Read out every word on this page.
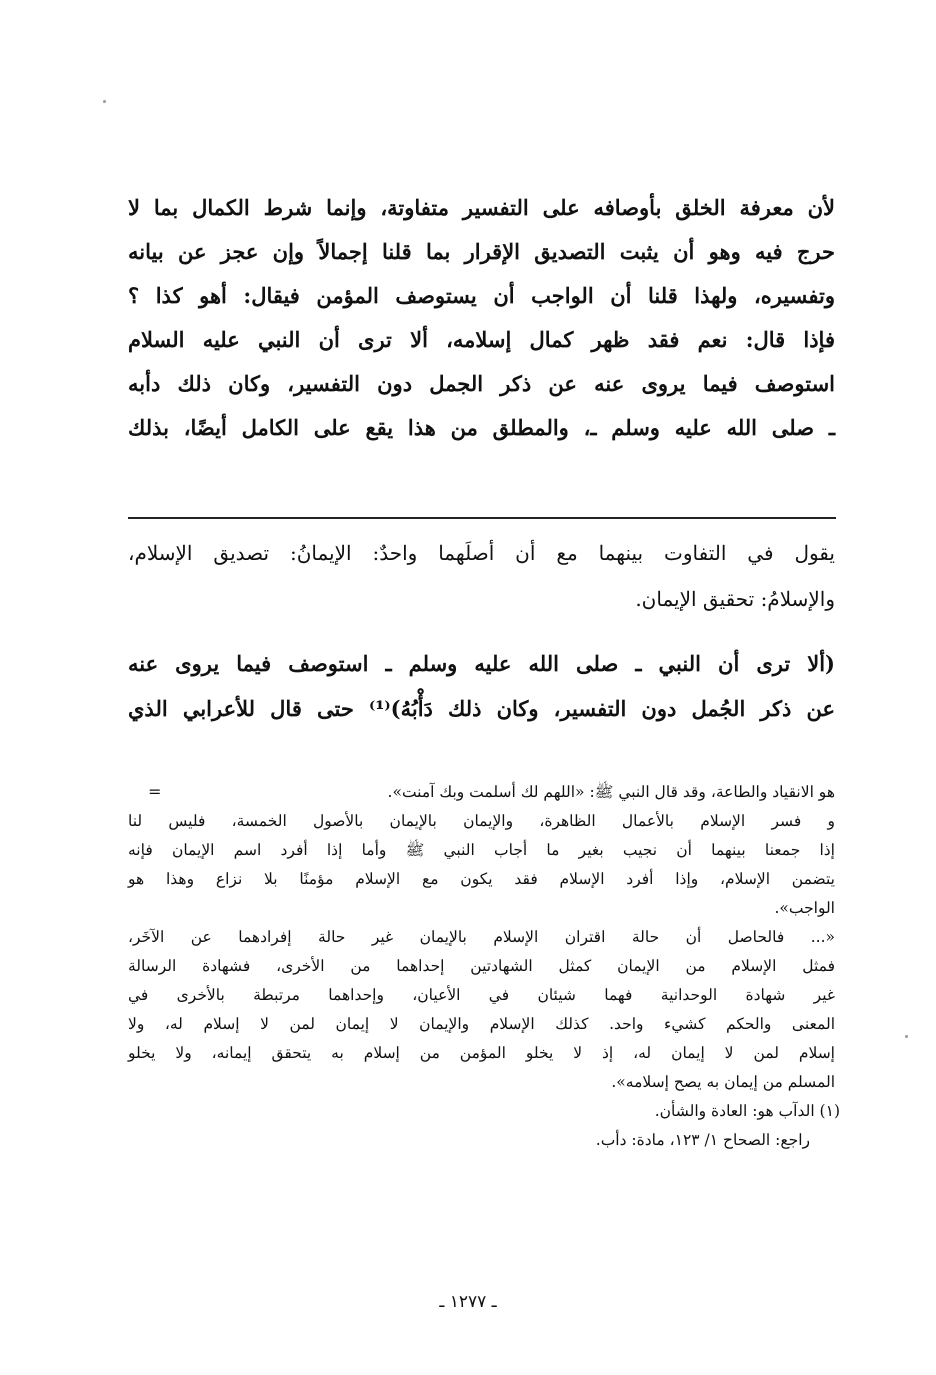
لأن معرفة الخلق بأوصافه على التفسير متفاوتة، وإنما شرط الكمال بما لا
حرج فيه وهو أن يثبت التصديق الإقرار بما قلنا إجمالاً وإن عجز عن بيانه
وتفسيره، ولهذا قلنا أن الواجب أن يستوصف المؤمن فيقال: أهو كذا ؟
فإذا قال: نعم فقد ظهر كمال إسلامه، ألا ترى أن النبي عليه السلام
استوصف فيما يروى عنه عن ذكر الجمل دون التفسير، وكان ذلك دأبه
ـ صلى الله عليه وسلم ـ، والمطلق من هذا يقع على الكامل أيضًا، بذلك
يقول في التفاوت بينهما مع أن أصلَهما واحدٌ: الإيمانُ: تصديق الإسلام،
والإسلامُ: تحقيق الإيمان.
(ألا ترى أن النبي ـ صلى الله عليه وسلم ـ استوصف فيما يروى عنه
عن ذكر الجُمل دون التفسير، وكان ذلك دَأْبُهُ)⁽¹⁾ حتى قال للأعرابي الذي
=	هو الانقياد والطاعة، وقد قال النبي ﷺ: «اللهم لك أسلمت وبك آمنت».
و فسر الإسلام بالأعمال الظاهرة، والإيمان بالإيمان بالأصول الخمسة، فليس لنا
إذا جمعنا بينهما أن نجيب بغير ما أجاب النبي ﷺ وأما إذا أفرد اسم الإيمان فإنه
يتضمن الإسلام، وإذا أفرد الإسلام فقد يكون مع الإسلام مؤمنًا بلا نزاع وهذا هو
الواجب».
«... فالحاصل أن حالة اقتران الإسلام بالإيمان غير حالة إفرادهما عن الآخَر،
فمثل الإسلام من الإيمان كمثل الشهادتين إحداهما من الأخرى، فشهادة الرسالة
غير شهادة الوحدانية فهما شيئان في الأعيان، وإحداهما مرتبطة بالأخرى في
المعنى والحكم كشيء واحد. كذلك الإسلام والإيمان لا إيمان لمن لا إسلام له، ولا
إسلام لمن لا إيمان له، إذ لا يخلو المؤمن من إسلام به يتحقق إيمانه، ولا يخلو
المسلم من إيمان به يصح إسلامه».
(١) الدآب هو: العادة والشأن.
راجع: الصحاح ١/ ١٢٣، مادة: دأب.
ـ ١٢٧٧ ـ
